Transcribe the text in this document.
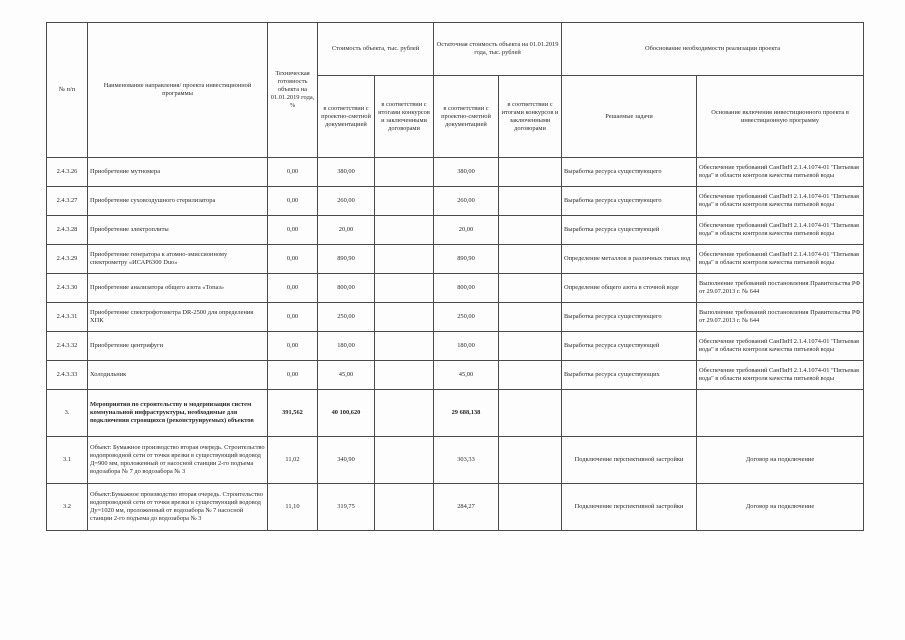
№ п/п	Наименование направления/ проекта инвестиционной программы	Техническая готовность объекта на 01.01.2019 года, %	Стоимость объекта, тыс. рублей		Остаточная стоимость объекта на 01.01.2019 года, тыс. рублей		Обоснование необходимости реализации проекта	
			в соответствии с проектно-сметной документацией	в соответствии с итогами конкурсов и заключенными договорами	в соответствии с проектно-сметной документацией	в соответствии с итогами конкурсов и заключенными договорами	Решаемые задачи	Основание включения инвестиционного проекта в инвестиционную программу
2.4.3.26	Приобретение мутномера	0,00	380,00		380,00		Выработка ресурса существующего	Обеспечение требований СанПиН 2.1.4.1074-01 "Питьевая вода" в области контроля качества питьевой воды
2.4.3.27	Приобретение суховоздушного стерилизатора	0,00	260,00		260,00		Выработка ресурса существующего	Обеспечение требований СанПиН 2.1.4.1074-01 "Питьевая вода" в области контроля качества питьевой воды
2.4.3.28	Приобретение электроплиты	0,00	20,00		20,00		Выработка ресурса существующей	Обеспечение требований СанПиН 2.1.4.1074-01 "Питьевая вода" в области контроля качества питьевой воды
2.4.3.29	Приобретение генератора к атомно-эмиссионному спектрометру «ИСАР6300 Duo»	0,00	890,90		890,90		Определение металлов в различных типах вод	Обеспечение требований СанПиН 2.1.4.1074-01 "Питьевая вода" в области контроля качества питьевой воды
2.4.3.30	Приобретение анализатора общего азота «Топаз»	0,00	800,00		800,00		Определение общего азота в сточной воде	Выполнение требований постановления Правительства РФ от 29.07.2013 г. № 644
2.4.3.31	Приобретение спектрофотометра DR-2500 для определения ХПК	0,00	250,00		250,00		Выработка ресурса существующего	Выполнение требований постановления Правительства РФ от 29.07.2013 г. № 644
2.4.3.32	Приобретение центрифуги	0,00	180,00		180,00		Выработка ресурса существующей	Обеспечение требований СанПиН 2.1.4.1074-01 "Питьевая вода" в области контроля качества питьевой воды
2.4.3.33	Холодильник	0,00	45,00		45,00		Выработка ресурса существующих	Обеспечение требований СанПиН 2.1.4.1074-01 "Питьевая вода" в области контроля качества питьевой воды
3.	Мероприятия по строительству и модернизации систем коммунальной инфраструктуры, необходимые для подключения строящихся (реконструируемых) объектов	391,562	40 100,620		29 688,138			
3.1	Объект: Бумажное производство вторая очередь. Строительство водопроводной сети от точки врезки в существующий водовод Д=900 мм, проложенный от насосной станции 2-го подъема водозабора № 7 до водозабора № 3	11,02	340,90		303,33		Подключение перспективной застройки	Договор на подключение
3.2	Объект:Бумажное производство вторая очередь. Строительство водопроводной сети от точки врезки в существующий водовод Ду=1020 мм, проложенный от водозабора № 7 насосной станции 2-го подъема до водозабора № 3	11,10	319,75		284,27		Подключение перспективной застройки	Договор на подключение
